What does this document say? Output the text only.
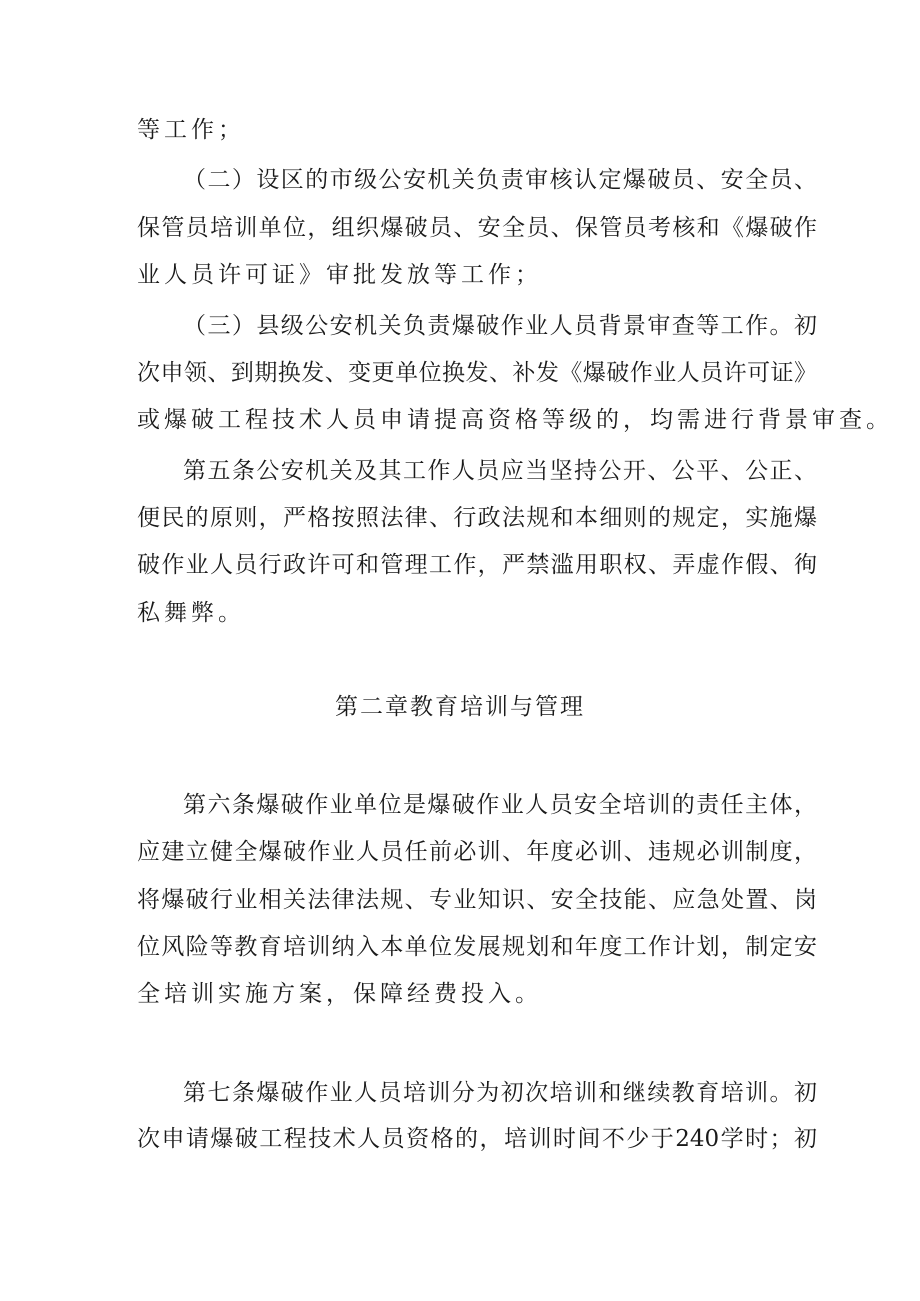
等工作；
（二）设区的市级公安机关负责审核认定爆破员、安全员、
保管员培训单位，组织爆破员、安全员、保管员考核和《爆破作
业人员许可证》审批发放等工作；
（三）县级公安机关负责爆破作业人员背景审查等工作。初
次申领、到期换发、变更单位换发、补发《爆破作业人员许可证》
或爆破工程技术人员申请提高资格等级的，均需进行背景审查。
第五条公安机关及其工作人员应当坚持公开、公平、公正、
便民的原则，严格按照法律、行政法规和本细则的规定，实施爆
破作业人员行政许可和管理工作，严禁滥用职权、弄虚作假、徇
私舞弊。
第二章教育培训与管理
第六条爆破作业单位是爆破作业人员安全培训的责任主体，
应建立健全爆破作业人员任前必训、年度必训、违规必训制度，
将爆破行业相关法律法规、专业知识、安全技能、应急处置、岗
位风险等教育培训纳入本单位发展规划和年度工作计划，制定安
全培训实施方案，保障经费投入。
第七条爆破作业人员培训分为初次培训和继续教育培训。初
次申请爆破工程技术人员资格的，培训时间不少于240学时；初
